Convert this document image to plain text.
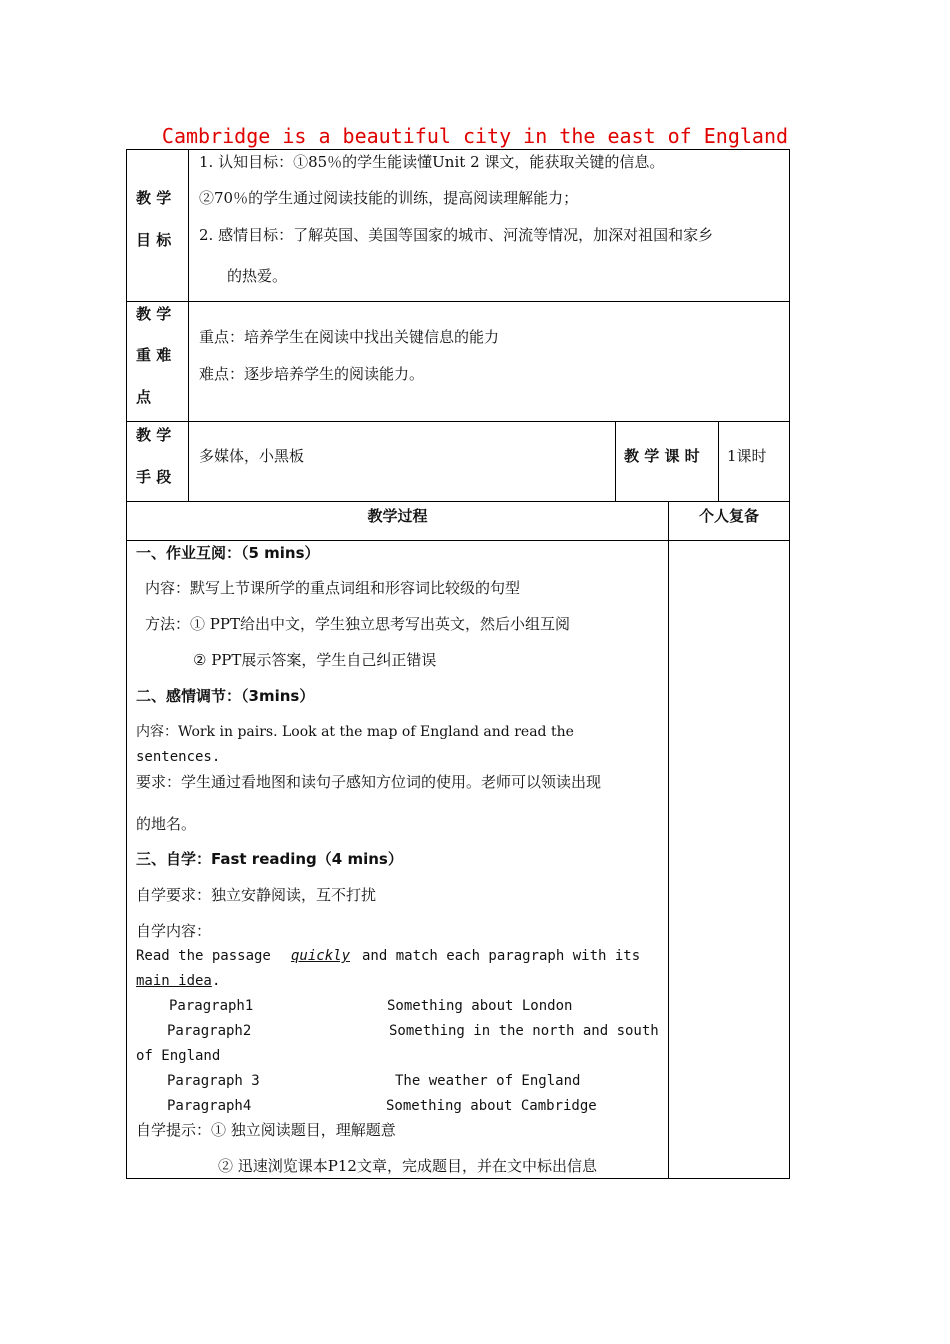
Cambridge is a beautiful city in the east of England
教 学
目 标
1. 认知目标：①85％的学生能读懂Unit 2 课文，能获取关键的信息。
②70％的学生通过阅读技能的训练，提高阅读理解能力；
2. 感情目标：了解英国、美国等国家的城市、河流等情况，加深对祖国和家乡
的热爱。
教 学
重 难
点
重点：培养学生在阅读中找出关键信息的能力
难点：逐步培养学生的阅读能力。
教 学
手 段
多媒体，小黑板	教 学 课 时 1课时
教学过程	个人复备
一、作业互阅：（5 mins）
内容：默写上节课所学的重点词组和形容词比较级的句型
方法：① PPT给出中文，学生独立思考写出英文，然后小组互阅
② PPT展示答案，学生自己纠正错误
二、感情调节：（3mins）
内容：Work in pairs. Look at the map of England and read the
sentences.
要求：学生通过看地图和读句子感知方位词的使用。老师可以领读出现
的地名。
三、自学：Fast reading（4 mins）
自学要求：独立安静阅读，互不打扰
自学内容：
Read the passage quickly and match each paragraph with its
main idea .
Paragraph1	Something about London
Paragraph2	Something in the north and south
of England
Paragraph 3	The weather of England
Paragraph4	Something about Cambridge
自学提示：① 独立阅读题目，理解题意
② 迅速浏览课本P12文章，完成题目，并在文中标出信息
